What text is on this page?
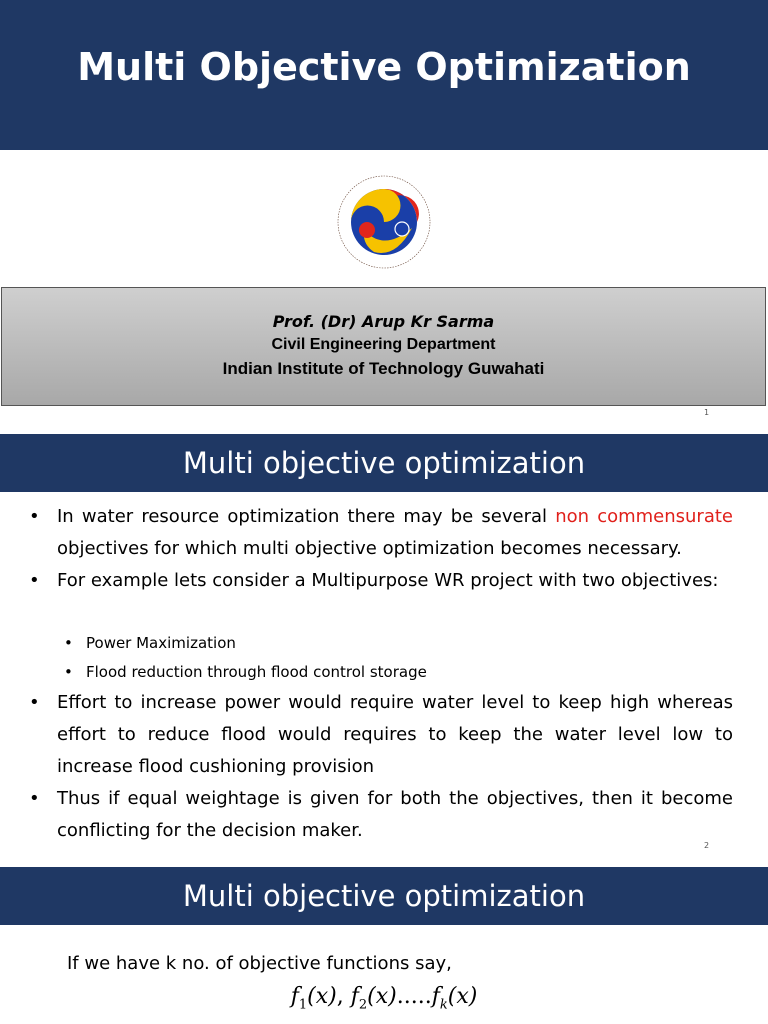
Multi Objective Optimization
Prof. (Dr) Arup Kr Sarma
Civil Engineering Department
Indian Institute of Technology Guwahati
1
Multi objective optimization
• In water resource optimization there may be several non commensurate objectives for which multi objective optimization becomes necessary.
• For example lets consider a Multipurpose WR project with two objectives:
• Power Maximization
• Flood reduction through flood control storage
• Effort to increase power would require water level to keep high whereas effort to reduce flood would requires to keep the water level low to increase flood cushioning provision
• Thus if equal weightage is given for both the objectives, then it become conflicting for the decision maker.
2
Multi objective optimization
If we have k no. of objective functions say,
$f_1(x)$, $f_2(x).....f_k(x)$
